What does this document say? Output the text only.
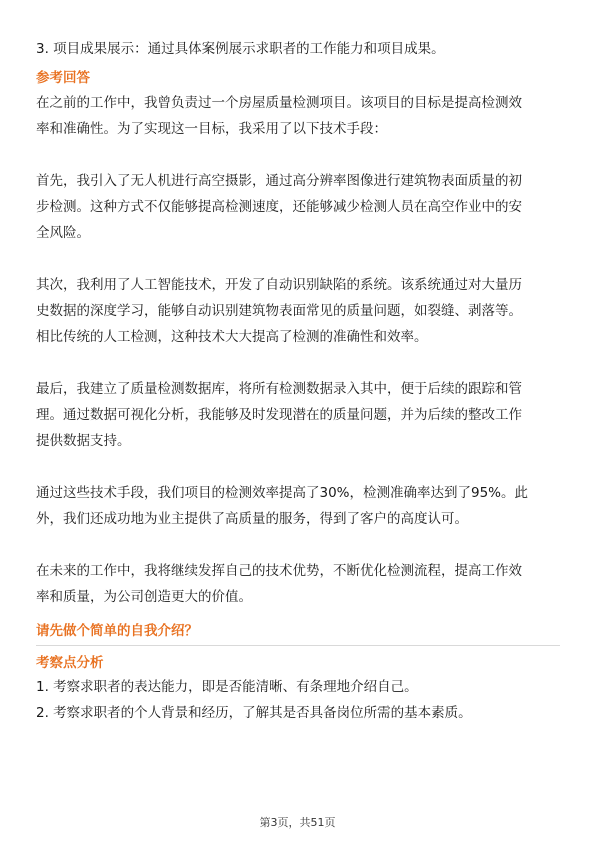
3. 项目成果展示：通过具体案例展示求职者的工作能力和项目成果。

参考回答

在之前的工作中，我曾负责过一个房屋质量检测项目。该项目的目标是提高检测效

率和准确性。为了实现这一目标，我采用了以下技术手段：

首先，我引入了无人机进行高空摄影，通过高分辨率图像进行建筑物表面质量的初

步检测。这种方式不仅能够提高检测速度，还能够减少检测人员在高空作业中的安

全风险。

其次，我利用了人工智能技术，开发了自动识别缺陷的系统。该系统通过对大量历

史数据的深度学习，能够自动识别建筑物表面常见的质量问题，如裂缝、剥落等。

相比传统的人工检测，这种技术大大提高了检测的准确性和效率。

最后，我建立了质量检测数据库，将所有检测数据录入其中，便于后续的跟踪和管

理。通过数据可视化分析，我能够及时发现潜在的质量问题，并为后续的整改工作

提供数据支持。

通过这些技术手段，我们项目的检测效率提高了30%，检测准确率达到了95%。此

外，我们还成功地为业主提供了高质量的服务，得到了客户的高度认可。

在未来的工作中，我将继续发挥自己的技术优势，不断优化检测流程，提高工作效

率和质量，为公司创造更大的价值。

请先做个简单的自我介绍？

考察点分析

1. 考察求职者的表达能力，即是否能清晰、有条理地介绍自己。

2. 考察求职者的个人背景和经历，了解其是否具备岗位所需的基本素质。

第3页，共51页
